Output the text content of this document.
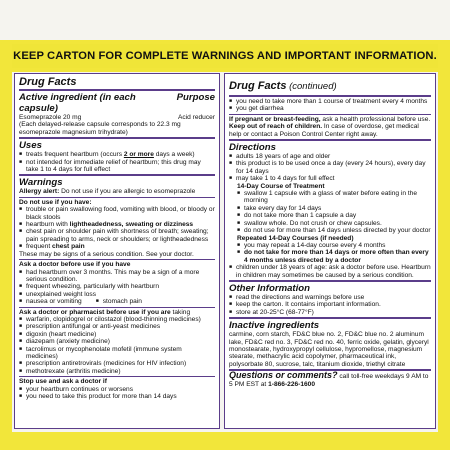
KEEP CARTON FOR COMPLETE WARNINGS AND IMPORTANT INFORMATION.
Drug Facts
Active ingredient (in each capsule)
Purpose
Esomeprazole 20 mg	Acid reducer
(Each delayed-release capsule corresponds to 22.3 mg esomeprazole magnesium trihydrate)
Uses
■ treats frequent heartburn (occurs 2 or more days a week)
■ not intended for immediate relief of heartburn; this drug may take 1 to 4 days for full effect
Warnings
Allergy alert: Do not use if you are allergic to esomeprazole
Do not use if you have:
■ trouble or pain swallowing food, vomiting with blood, or bloody or black stools
■ heartburn with lightheadedness, sweating or dizziness
■ chest pain or shoulder pain with shortness of breath; sweating; pain spreading to arms, neck or shoulders; or lightheadedness
■ frequent chest pain
These may be signs of a serious condition. See your doctor.
Ask a doctor before use if you have
■ had heartburn over 3 months. This may be a sign of a more serious condition.
■ frequent wheezing, particularly with heartburn
■ unexplained weight loss
■ nausea or vomiting
■	stomach pain
Ask a doctor or pharmacist before use if you are taking
■ warfarin, clopidogrel or cilostazol (blood-thinning medicines)
■ prescription antifungal or anti-yeast medicines
■ digoxin (heart medicine)
■ diazepam (anxiety medicine)
■ tacrolimus or mycophenolate mofetil (immune system medicines)
■ prescription antiretrovirals (medicines for HIV infection)
■ methotrexate (arthritis medicine)
Stop use and ask a doctor if
■ your heartburn continues or worsens
■ you need to take this product for more than 14 days
Drug Facts (continued)
■ you need to take more than 1 course of treatment every 4 months
■ you get diarrhea
If pregnant or breast-feeding, ask a health professional before use.
Keep out of reach of children. In case of overdose, get medical help or contact a Poison Control Center right away.
Directions
■ adults 18 years of age and older
■ this product is to be used once a day (every 24 hours), every day for 14 days
■ may take 1 to 4 days for full effect
14-Day Course of Treatment
■ swallow 1 capsule with a glass of water before eating in the morning
■ take every day for 14 days
■ do not take more than 1 capsule a day
■ swallow whole. Do not crush or chew capsules.
■ do not use for more than 14 days unless directed by your doctor
Repeated 14-Day Courses (if needed)
■ you may repeat a 14-day course every 4 months
■ do not take for more than 14 days or more often than every 4 months unless directed by a doctor
■ children under 18 years of age: ask a doctor before use. Heartburn in children may sometimes be caused by a serious condition.
Other Information
■ read the directions and warnings before use
■ keep the carton. It contains important information.
■ store at 20-25°C (68-77°F)
Inactive ingredients
carmine, corn starch, FD&C blue no. 2, FD&C blue no. 2 aluminum lake, FD&C red no. 3, FD&C red no. 40, ferric oxide, gelatin, glyceryl monostearate, hydroxypropyl cellulose, hypromellose, magnesium stearate, methacrylic acid copolymer, pharmaceutical ink, polysorbate 80, sucrose, talc, titanium dioxide, triethyl citrate
Questions or comments? call toll-free weekdays 9 AM to 5 PM EST at 1-866-226-1600
